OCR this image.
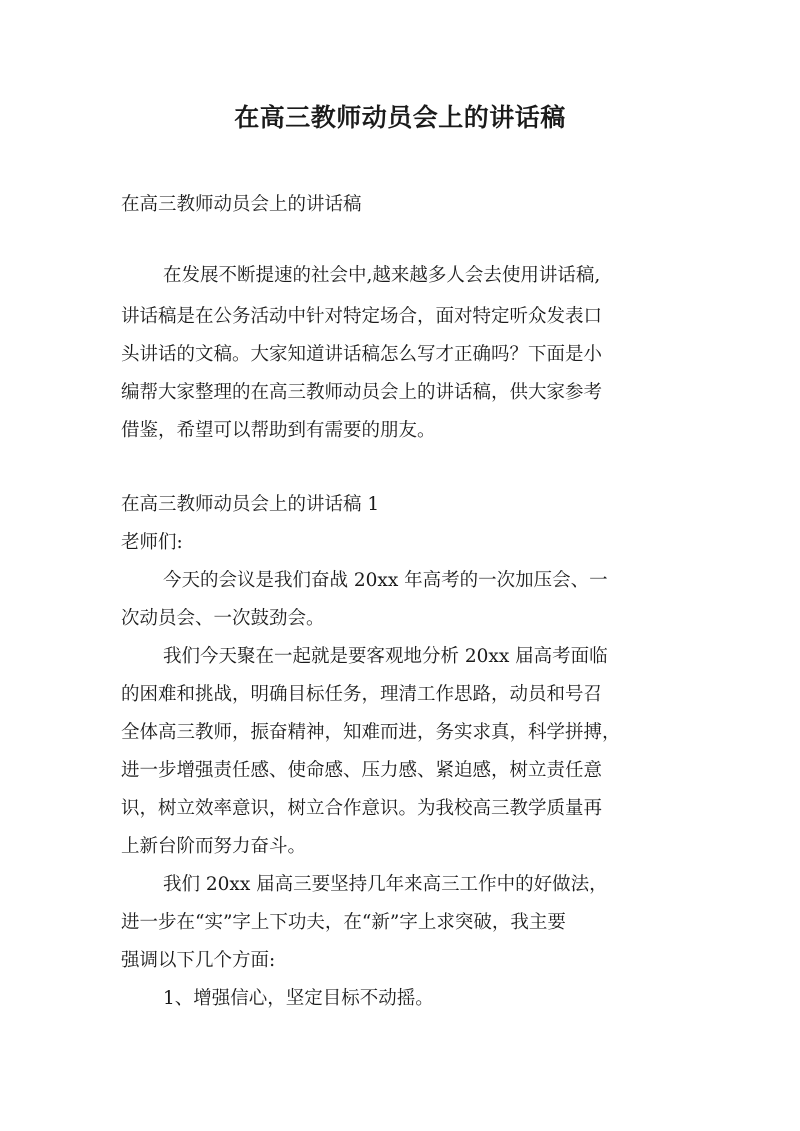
在高三教师动员会上的讲话稿

在高三教师动员会上的讲话稿

在发展不断提速的社会中,越来越多人会去使用讲话稿,

讲话稿是在公务活动中针对特定场合，面对特定听众发表口

头讲话的文稿。大家知道讲话稿怎么写才正确吗？下面是小

编帮大家整理的在高三教师动员会上的讲话稿，供大家参考

借鉴，希望可以帮助到有需要的朋友。

在高三教师动员会上的讲话稿 1

老师们:

今天的会议是我们奋战 20xx 年高考的一次加压会、一

次动员会、一次鼓劲会。

我们今天聚在一起就是要客观地分析 20xx 届高考面临

的困难和挑战，明确目标任务，理清工作思路，动员和号召

全体高三教师，振奋精神，知难而进，务实求真，科学拼搏，

进一步增强责任感、使命感、压力感、紧迫感，树立责任意

识，树立效率意识，树立合作意识。为我校高三教学质量再

上新台阶而努力奋斗。

我们 20xx 届高三要坚持几年来高三工作中的好做法，

进一步在“实”字上下功夫，在“新”字上求突破，我主要

强调以下几个方面:

1、增强信心，坚定目标不动摇。
